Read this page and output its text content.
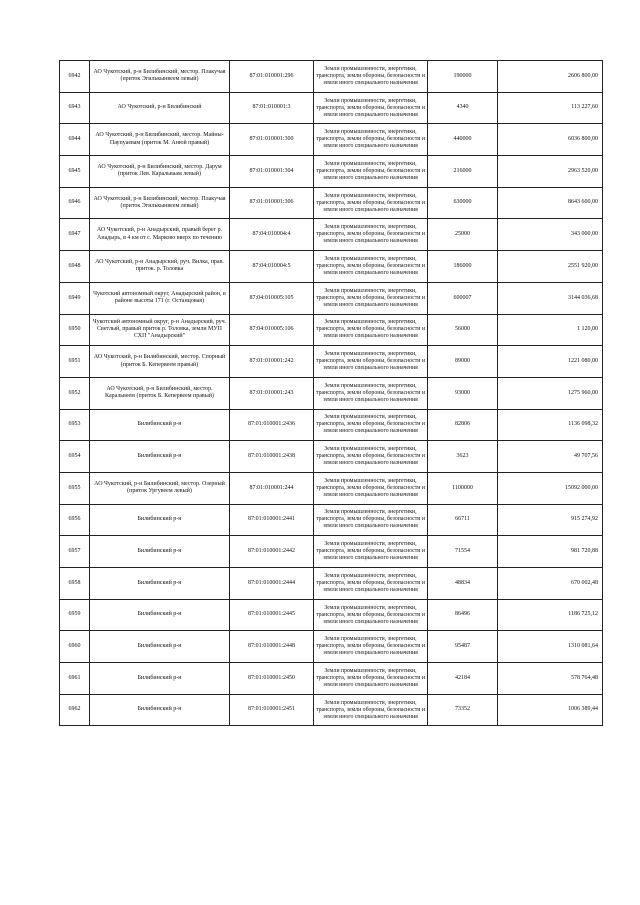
6942	АО Чукотский, р-н Билибинский, местор. Плакучая (приток Эгилькынвеем левый)	87:01:010001:296	Земли промышленности, энергетики, транспорта, земли обороны, безопасности и земли иного специального назначения	190000	2606 800,00
6943	АО Чукотский, р-н Билибинский	87:01:010001:3	Земли промышленности, энергетики, транспорта, земли обороны, безопасности и земли иного специального назначения	4340	113 227,60
6944	АО Чукотский, р-н Билибинский, местор. Майны-Паупуаевам (приток М. Анюй правый)	87:01:010001:300	Земли промышленности, энергетики, транспорта, земли обороны, безопасности и земли иного специального назначения	440000	6036 800,00
6945	АО Чукотский, р-н Билибинский, местор. Дарум (приток Лев. Каральваам левый)	87:01:010001:304	Земли промышленности, энергетики, транспорта, земли обороны, безопасности и земли иного специального назначения	216000	2963 520,00
6946	АО Чукотский, р-н Билибинский, местор. Плакучая (приток Эгилькынвеем левый)	87:01:010001:306	Земли промышленности, энергетики, транспорта, земли обороны, безопасности и земли иного специального назначения	630000	8643 600,00
6947	АО Чукотский, р-н Анадырский, правый берег р. Анадырь, в 4 км от с. Марково вверх по течению	87:04:010004:4	Земли промышленности, энергетики, транспорта, земли обороны, безопасности и земли иного специального назначения	25000	343 000,00
6948	АО Чукотский, р-н Анадырский, руч. Вилка, прав. приток. р. Толовка	87:04:010004:5	Земли промышленности, энергетики, транспорта, земли обороны, безопасности и земли иного специального назначения	186000	2551 920,00
6949	Чукотский автономный округ, Анадырский район, в районе высоты 171 (г. Останцовая)	87:04:010005:105	Земли промышленности, энергетики, транспорта, земли обороны, безопасности и земли иного специального назначения	600007	3144 036,68
6950	Чукотский автономный округ, р-н Анадырский, руч. Светлый, правый приток р. Толовка, земли МУП СХП "Анадырский"	87:04:010005:106	Земли промышленности, энергетики, транспорта, земли обороны, безопасности и земли иного специального назначения	56000	1 120,00
6951	АО Чукотский, р-н Билибинский, местор. Спорный (приток Б. Кепервеем правый)	87:01:010001:242	Земли промышленности, энергетики, транспорта, земли обороны, безопасности и земли иного специального назначения	89000	1221 080,00
6952	АО Чукотский, р-н Билибинский, местор. Каральвеем (приток Б. Кепервеем правый)	87:01:010001:243	Земли промышленности, энергетики, транспорта, земли обороны, безопасности и земли иного специального назначения	93000	1275 960,00
6953	Билибинский р-н	87:01:010001:2436	Земли промышленности, энергетики, транспорта, земли обороны, безопасности и земли иного специального назначения	82806	1136 098,32
6954	Билибинский р-н	87:01:010001:2438	Земли промышленности, энергетики, транспорта, земли обороны, безопасности и земли иного специального назначения	3623	49 707,56
6955	АО Чукотский, р-н Билибинский, местор. Озерный (приток Ургувеем левый)	87:01:010001:244	Земли промышленности, энергетики, транспорта, земли обороны, безопасности и земли иного специального назначения	1100000	15092 000,00
6956	Билибинский р-н	87:01:010001:2441	Земли промышленности, энергетики, транспорта, земли обороны, безопасности и земли иного специального назначения	66711	915 274,92
6957	Билибинский р-н	87:01:010001:2442	Земли промышленности, энергетики, транспорта, земли обороны, безопасности и земли иного специального назначения	71554	981 720,88
6958	Билибинский р-н	87:01:010001:2444	Земли промышленности, энергетики, транспорта, земли обороны, безопасности и земли иного специального назначения	48834	670 002,48
6959	Билибинский р-н	87:01:010001:2445	Земли промышленности, энергетики, транспорта, земли обороны, безопасности и земли иного специального назначения	86496	1186 725,12
6960	Билибинский р-н	87:01:010001:2448	Земли промышленности, энергетики, транспорта, земли обороны, безопасности и земли иного специального назначения	95487	1310 081,64
6961	Билибинский р-н	87:01:010001:2450	Земли промышленности, энергетики, транспорта, земли обороны, безопасности и земли иного специального назначения	42184	578 764,48
6962	Билибинский р-н	87:01:010001:2451	Земли промышленности, энергетики, транспорта, земли обороны, безопасности и земли иного специального назначения	73352	1006 389,44
